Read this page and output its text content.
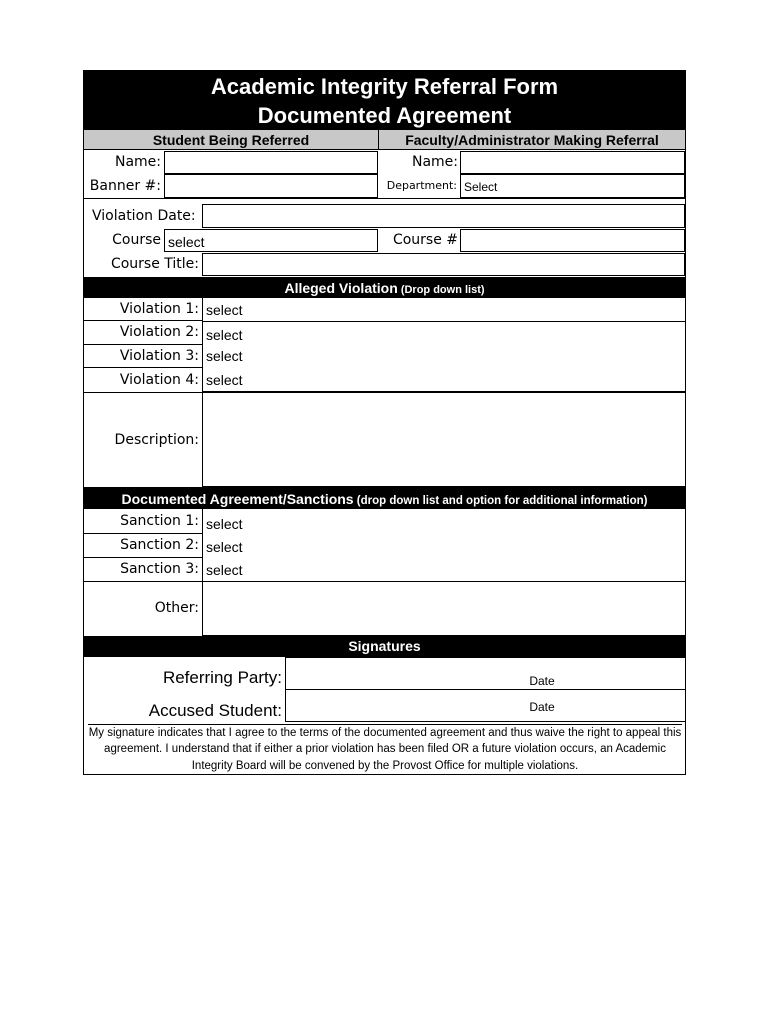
Academic Integrity Referral Form
Documented Agreement
Student Being Referred	Faculty/Administrator Making Referral
Name:	Name:
Banner #:	Department: Select
Violation Date:
Course select	Course #
Course Title:
Alleged Violation (Drop down list)
Violation 1: select
Violation 2: select
Violation 3: select
Violation 4: select
Description:
Documented Agreement/Sanctions (drop down list and option for additional information)
Sanction 1: select
Sanction 2: select
Sanction 3: select
Other:
Signatures
Referring Party:	Date
Accused Student:	Date
My signature indicates that I agree to the terms of the documented agreement and thus waive the right to appeal this agreement. I understand that if either a prior violation has been filed OR a future violation occurs, an Academic Integrity Board will be convened by the Provost Office for multiple violations.
